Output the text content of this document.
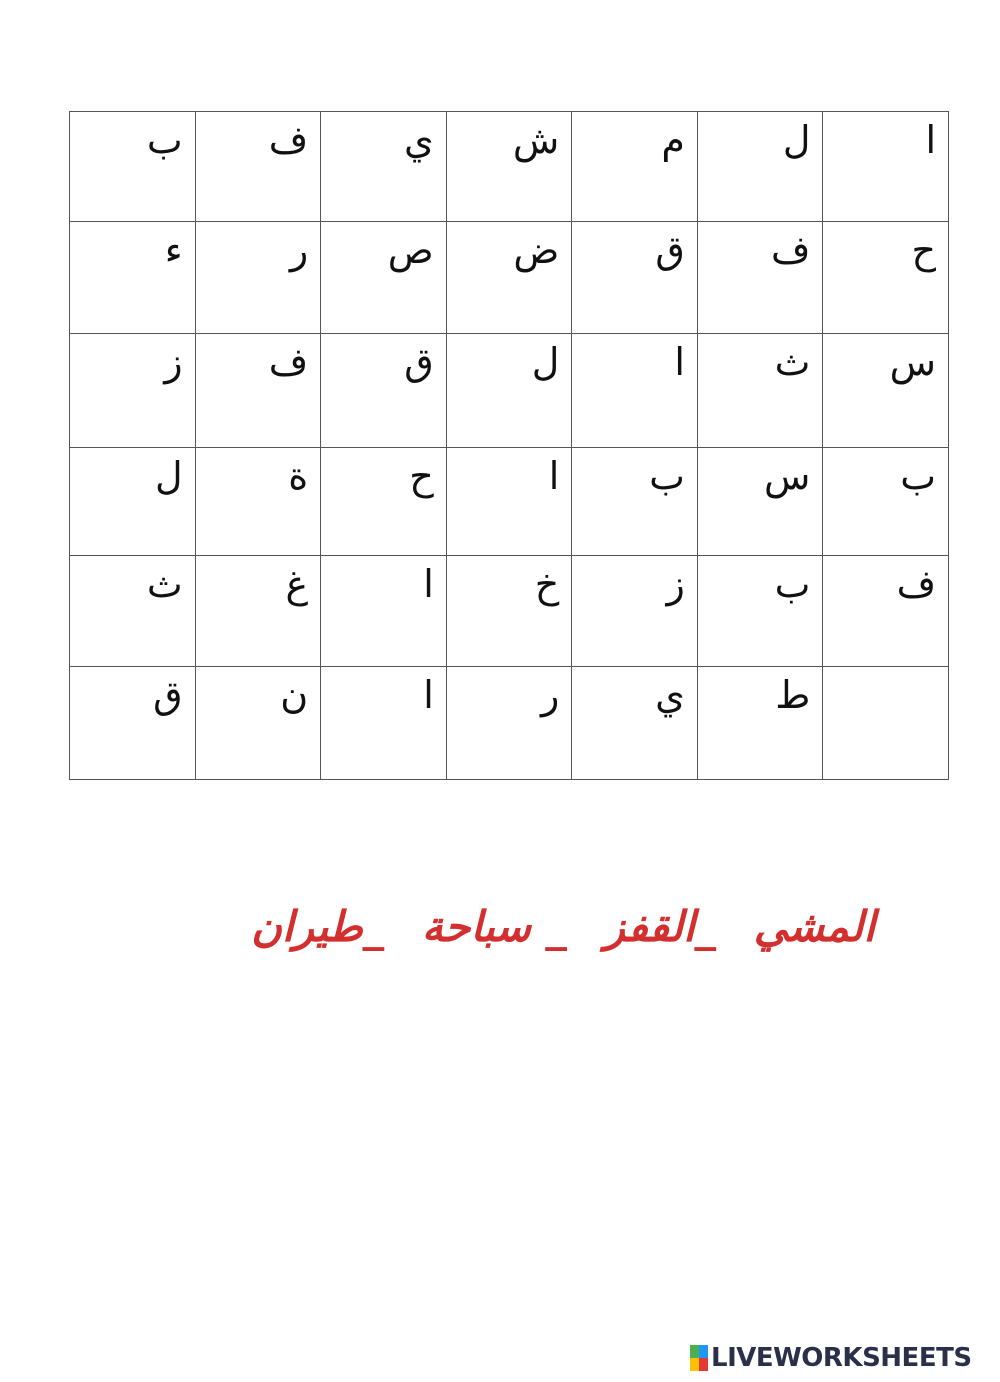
ا	ل	م	ش	ي	ف	ب
ح	ف	ق	ض	ص	ر	ء
س	ث	ا	ل	ق	ف	ز
ب	س	ب	ا	ح	ة	ل
ف	ب	ز	خ	ا	غ	ث
	ط	ي	ر	ا	ن	ق
المشي_القفز_ سباحة_طيران
LIVEWORKSHEETS
